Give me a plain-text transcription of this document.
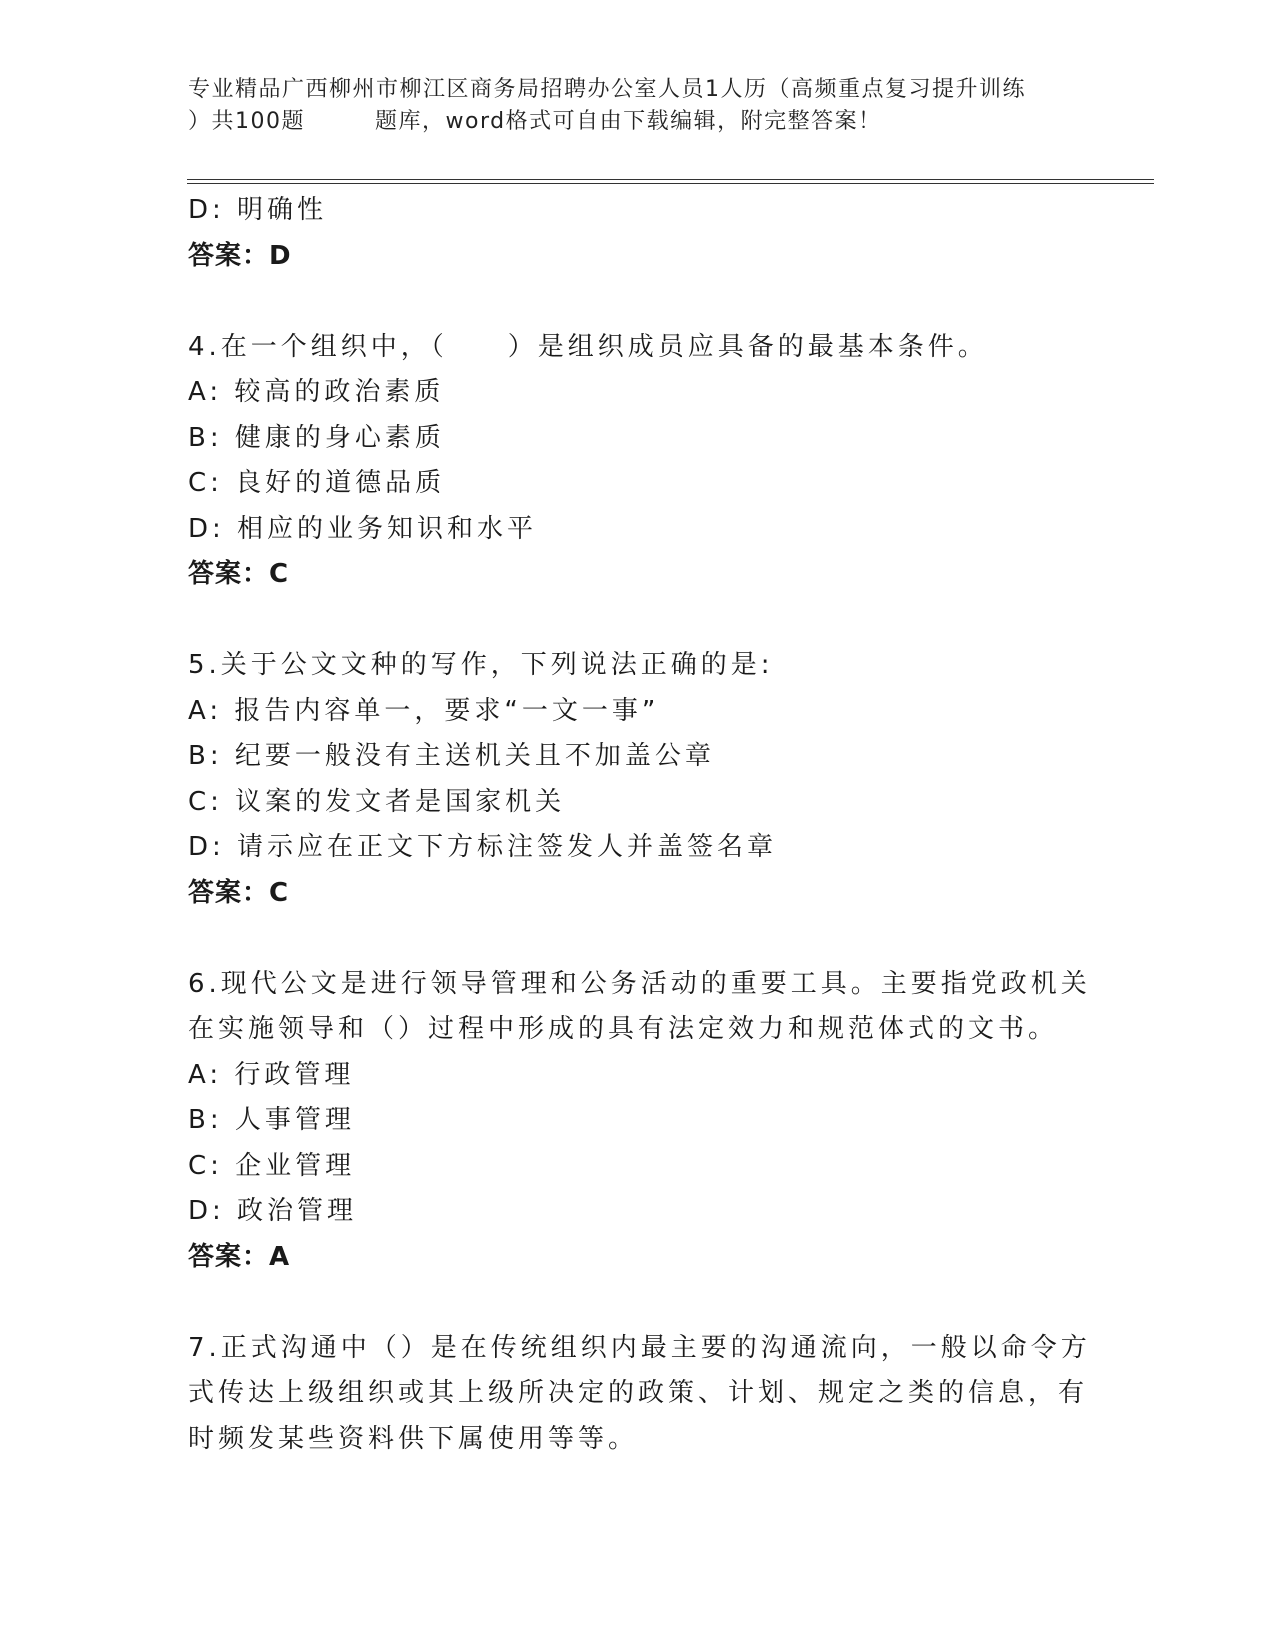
专业精品广西柳州市柳江区商务局招聘办公室人员1人历（高频重点复习提升训练
）共100题	题库，word格式可自由下载编辑，附完整答案！
D: 明确性
答案：D
4.在一个组织中，（　　）是组织成员应具备的最基本条件。
A: 较高的政治素质
B: 健康的身心素质
C: 良好的道德品质
D: 相应的业务知识和水平
答案：C
5.关于公文文种的写作，下列说法正确的是:
A: 报告内容单一，要求“一文一事”
B: 纪要一般没有主送机关且不加盖公章
C: 议案的发文者是国家机关
D: 请示应在正文下方标注签发人并盖签名章
答案：C
6.现代公文是进行领导管理和公务活动的重要工具。主要指党政机关
在实施领导和（）过程中形成的具有法定效力和规范体式的文书。
A: 行政管理
B: 人事管理
C: 企业管理
D: 政治管理
答案：A
7.正式沟通中（）是在传统组织内最主要的沟通流向，一般以命令方
式传达上级组织或其上级所决定的政策、计划、规定之类的信息，有
时频发某些资料供下属使用等等。
